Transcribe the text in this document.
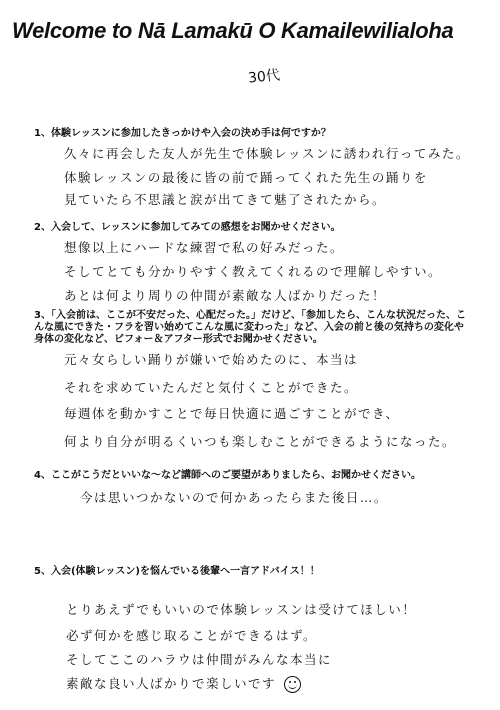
Welcome to Nā Lamakū O Kamailewilialoha
30代
1、体験レッスンに参加したきっかけや入会の決め手は何ですか？
久々に再会した友人が先生で体験レッスンに誘われ行ってみた。
体験レッスンの最後に皆の前で踊ってくれた先生の踊りを
見ていたら不思議と涙が出てきて魅了されたから。
2、入会して、レッスンに参加してみての感想をお聞かせください。
想像以上にハードな練習で私の好みだった。
そしてとても分かりやすく教えてくれるので理解しやすい。
あとは何より周りの仲間が素敵な人ばかりだった！
3、「入会前は、ここが不安だった、心配だった。」だけど、「参加したら、こんな状況だった、こんな風にできた・フラを習い始めてこんな風に変わった」など、入会の前と後の気持ちの変化や身体の変化など、ビフォー＆アフター形式でお聞かせください。
元々女らしい踊りが嫌いで始めたのに、本当は
それを求めていたんだと気付くことができた。
毎週体を動かすことで毎日快適に過ごすことができ、
何より自分が明るくいつも楽しむことができるようになった。
4、ここがこうだといいな～など講師へのご要望がありましたら、お聞かせください。
今は思いつかないので何かあったらまた後日…。
5、入会(体験レッスン)を悩んでいる後輩へ一言アドバイス！！
とりあえずでもいいので体験レッスンは受けてほしい！
必ず何かを感じ取ることができるはず。
そしてここのハラウは仲間がみんな本当に
素敵な良い人ばかりで楽しいです
